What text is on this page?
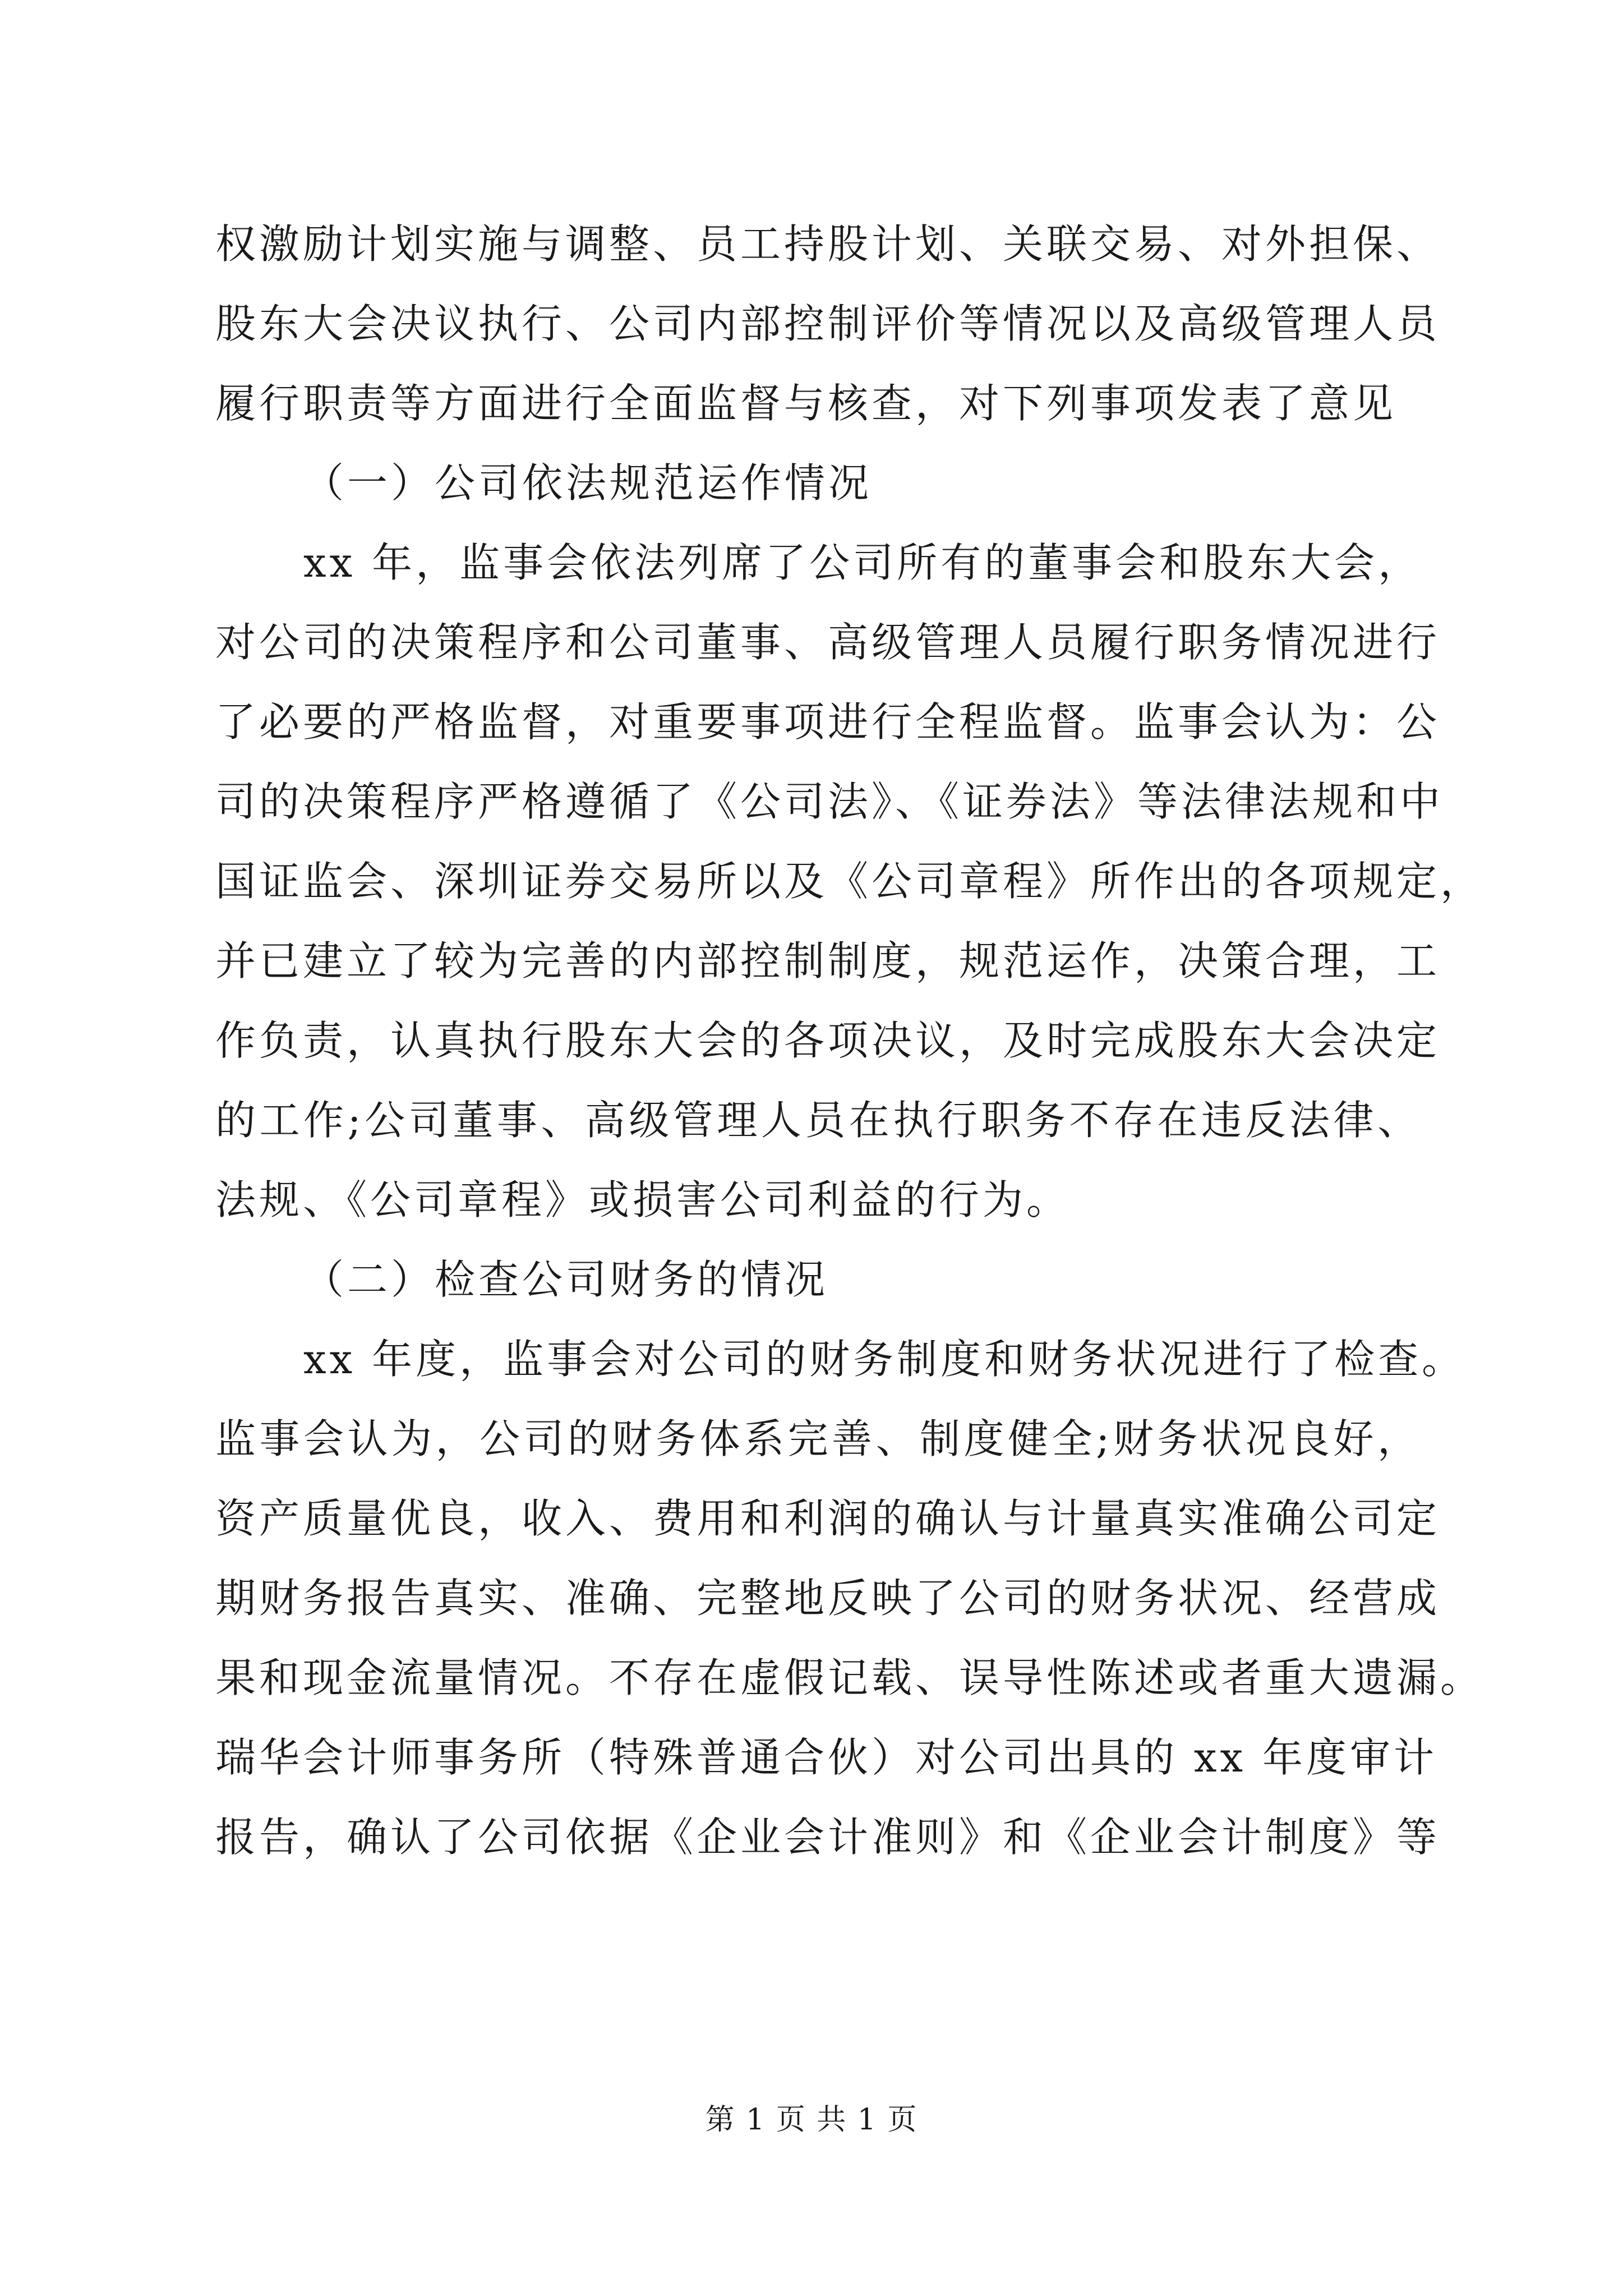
权激励计划实施与调整、员工持股计划、关联交易、对外担保、
股东大会决议执行、公司内部控制评价等情况以及高级管理人员
履行职责等方面进行全面监督与核查，对下列事项发表了意见
（一）公司依法规范运作情况
xx 年，监事会依法列席了公司所有的董事会和股东大会，
对公司的决策程序和公司董事、高级管理人员履行职务情况进行
了必要的严格监督，对重要事项进行全程监督。监事会认为：公
司的决策程序严格遵循了《公司法》、《证券法》等法律法规和中
国证监会、深圳证券交易所以及《公司章程》所作出的各项规定，
并已建立了较为完善的内部控制制度，规范运作，决策合理，工
作负责，认真执行股东大会的各项决议，及时完成股东大会决定
的工作;公司董事、高级管理人员在执行职务不存在违反法律、
法规、《公司章程》或损害公司利益的行为。
（二）检查公司财务的情况
xx 年度，监事会对公司的财务制度和财务状况进行了检查。
监事会认为，公司的财务体系完善、制度健全;财务状况良好，
资产质量优良，收入、费用和利润的确认与计量真实准确公司定
期财务报告真实、准确、完整地反映了公司的财务状况、经营成
果和现金流量情况。不存在虚假记载、误导性陈述或者重大遗漏。
瑞华会计师事务所（特殊普通合伙）对公司出具的 xx 年度审计
报告，确认了公司依据《企业会计准则》和《企业会计制度》等
第 1 页 共 1 页
